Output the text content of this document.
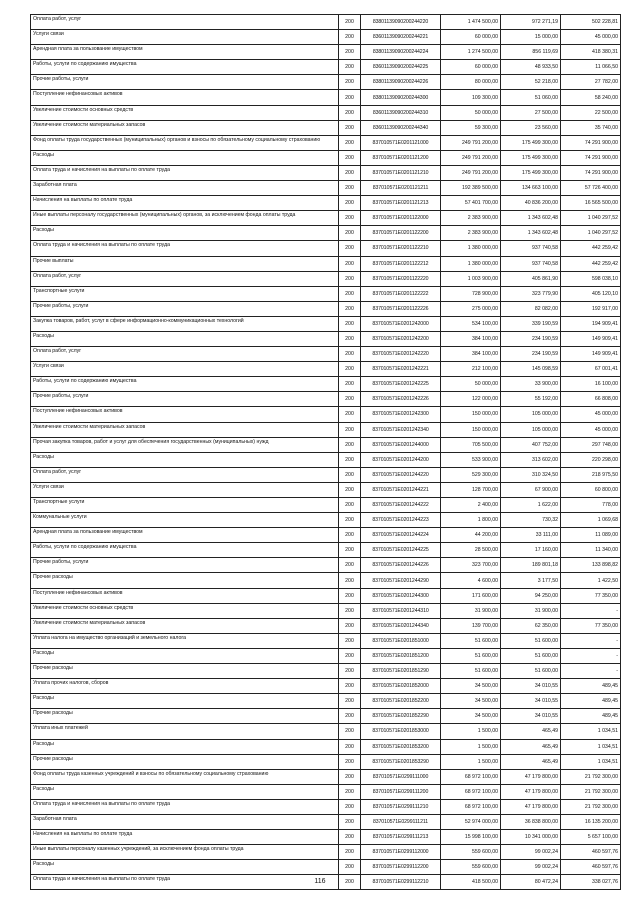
Оплата работ, услуг	200	83801139090200244220	1 474 500,00	972 271,19	502 228,81
Услуги связи	200	83601139090200244221	60 000,00	15 000,00	45 000,00
Арендная плата за пользование имуществом	200	83801139090200244224	1 274 500,00	856 119,69	418 380,31
Работы, услуги по содержанию имущества	200	83601139090200244225	60 000,00	48 933,50	11 066,50
Прочие работы, услуги	200	83801139090200244226	80 000,00	52 218,00	27 782,00
Поступление нефинансовых активов	200	83801139090200244300	109 300,00	51 060,00	58 240,00
Увеличение стоимости основных средств	200	83601139090200244310	50 000,00	27 500,00	22 500,00
Увеличение стоимости материальных запасов	200	83601139090200244340	59 300,00	23 560,00	35 740,00
Фонд оплаты труда государственных (муниципальных) органов и взносы по обязательному социальному страхованию	200	837010571Е0201121000	249 791 200,00	175 499 300,00	74 291 900,00
Расходы	200	837010571Е0201121200	249 791 200,00	175 499 300,00	74 291 900,00
Оплата труда и начисления на выплаты по оплате труда	200	837010571Е0201121210	249 791 200,00	175 499 300,00	74 291 900,00
Заработная плата	200	837010571Е0201121211	192 389 500,00	134 663 100,00	57 726 400,00
Начисления на выплаты по оплате труда	200	837010571Е0201121213	57 401 700,00	40 836 200,00	16 565 500,00
Иные выплаты персоналу государственных (муниципальных) органов, за исключением фонда оплаты труда	200	837010571Е0201122000	2 383 900,00	1 343 602,48	1 040 297,52
Расходы	200	837010571Е0201122200	2 383 900,00	1 343 602,48	1 040 297,52
Оплата труда и начисления на выплаты по оплате труда	200	837010571Е0201122210	1 380 000,00	937 740,58	442 259,42
Прочие выплаты	200	837010571Е0201122212	1 380 000,00	937 740,58	442 259,42
Оплата работ, услуг	200	837010571Е0201122220	1 003 900,00	405 861,90	598 038,10
Транспортные услуги	200	837010571Е0201122222	728 900,00	323 779,90	405 120,10
Прочие работы, услуги	200	837010571Е0201122226	275 000,00	82 082,00	192 917,00
Закупка товаров, работ, услуг в сфере информационно-коммуникационных технологий	200	837010571Е0201242000	534 100,00	339 190,59	194 909,41
Расходы	200	837010571Е0201242200	384 100,00	234 190,59	149 909,41
Оплата работ, услуг	200	837010571Е0201242220	384 100,00	234 190,59	149 909,41
Услуги связи	200	837010571Е0201242221	212 100,00	145 098,59	67 001,41
Работы, услуги по содержанию имущества	200	837010571Е0201242225	50 000,00	33 900,00	16 100,00
Прочие работы, услуги	200	837010571Е0201242226	122 000,00	55 192,00	66 808,00
Поступление нефинансовых активов	200	837010571Е0201242300	150 000,00	105 000,00	45 000,00
Увеличение стоимости материальных запасов	200	837010571Е0201242340	150 000,00	105 000,00	45 000,00
Прочая закупка товаров, работ и услуг для обеспечения государственных (муниципальных) нужд	200	837010571Е0201244000	705 500,00	407 752,00	297 748,00
Расходы	200	837010571Е0201244200	533 900,00	313 602,00	220 298,00
Оплата работ, услуг	200	837010571Е0201244220	529 300,00	310 324,50	218 975,50
Услуги связи	200	837010571Е0201244221	128 700,00	67 900,00	60 800,00
Транспортные услуги	200	837010571Е0201244222	2 400,00	1 622,00	778,00
Коммунальные услуги	200	837010571Е0201244223	1 800,00	730,32	1 069,68
Арендная плата за пользование имуществом	200	837010571Е0201244224	44 200,00	33 111,00	11 089,00
Работы, услуги по содержанию имущества	200	837010571Е0201244225	28 500,00	17 160,00	11 340,00
Прочие работы, услуги	200	837010571Е0201244226	323 700,00	189 801,18	133 898,82
Прочие расходы	200	837010571Е0201244290	4 600,00	3 177,50	1 422,50
Поступление нефинансовых активов	200	837010571Е0201244300	171 600,00	94 250,00	77 350,00
Увеличение стоимости основных средств	200	837010571Е0201244310	31 900,00	31 900,00	-
Увеличение стоимости материальных запасов	200	837010571Е0201244340	139 700,00	62 350,00	77 350,00
Уплата налога на имущество организаций и земельного налога	200	837010571Е0201851000	51 600,00	51 600,00	-
Расходы	200	837010571Е0201851200	51 600,00	51 600,00	-
Прочие расходы	200	837010571Е0201851290	51 600,00	51 600,00	-
Уплата прочих налогов, сборов	200	837010571Е0201852000	34 500,00	34 010,55	489,45
Расходы	200	837010571Е0201852200	34 500,00	34 010,55	489,45
Прочие расходы	200	837010571Е0201852290	34 500,00	34 010,55	489,45
Уплата иных платежей	200	837010571Е0201853000	1 500,00	465,49	1 034,51
Расходы	200	837010571Е0201853200	1 500,00	465,49	1 034,51
Прочие расходы	200	837010571Е0201853290	1 500,00	465,49	1 034,51
Фонд оплаты труда казенных учреждений и взносы по обязательному социальному страхованию	200	837010571Е0299111000	68 972 100,00	47 179 800,00	21 792 300,00
Расходы	200	837010571Е0299111200	68 972 100,00	47 179 800,00	21 792 300,00
Оплата труда и начисления на выплаты по оплате труда	200	837010571Е0299111210	68 972 100,00	47 179 800,00	21 792 300,00
Заработная плата	200	837010571Е0299111211	52 974 000,00	36 838 800,00	16 135 200,00
Начисления на выплаты по оплате труда	200	837010571Е0299111213	15 998 100,00	10 341 000,00	5 657 100,00
Иные выплаты персоналу казенных учреждений, за исключением фонда оплаты труда	200	837010571Е0299112000	559 600,00	99 002,24	460 597,76
Расходы	200	837010571Е0299112200	559 600,00	99 002,24	460 597,76
Оплата труда и начисления на выплаты по оплате труда	200	837010571Е0299112210	418 500,00	80 472,24	338 027,76
116
